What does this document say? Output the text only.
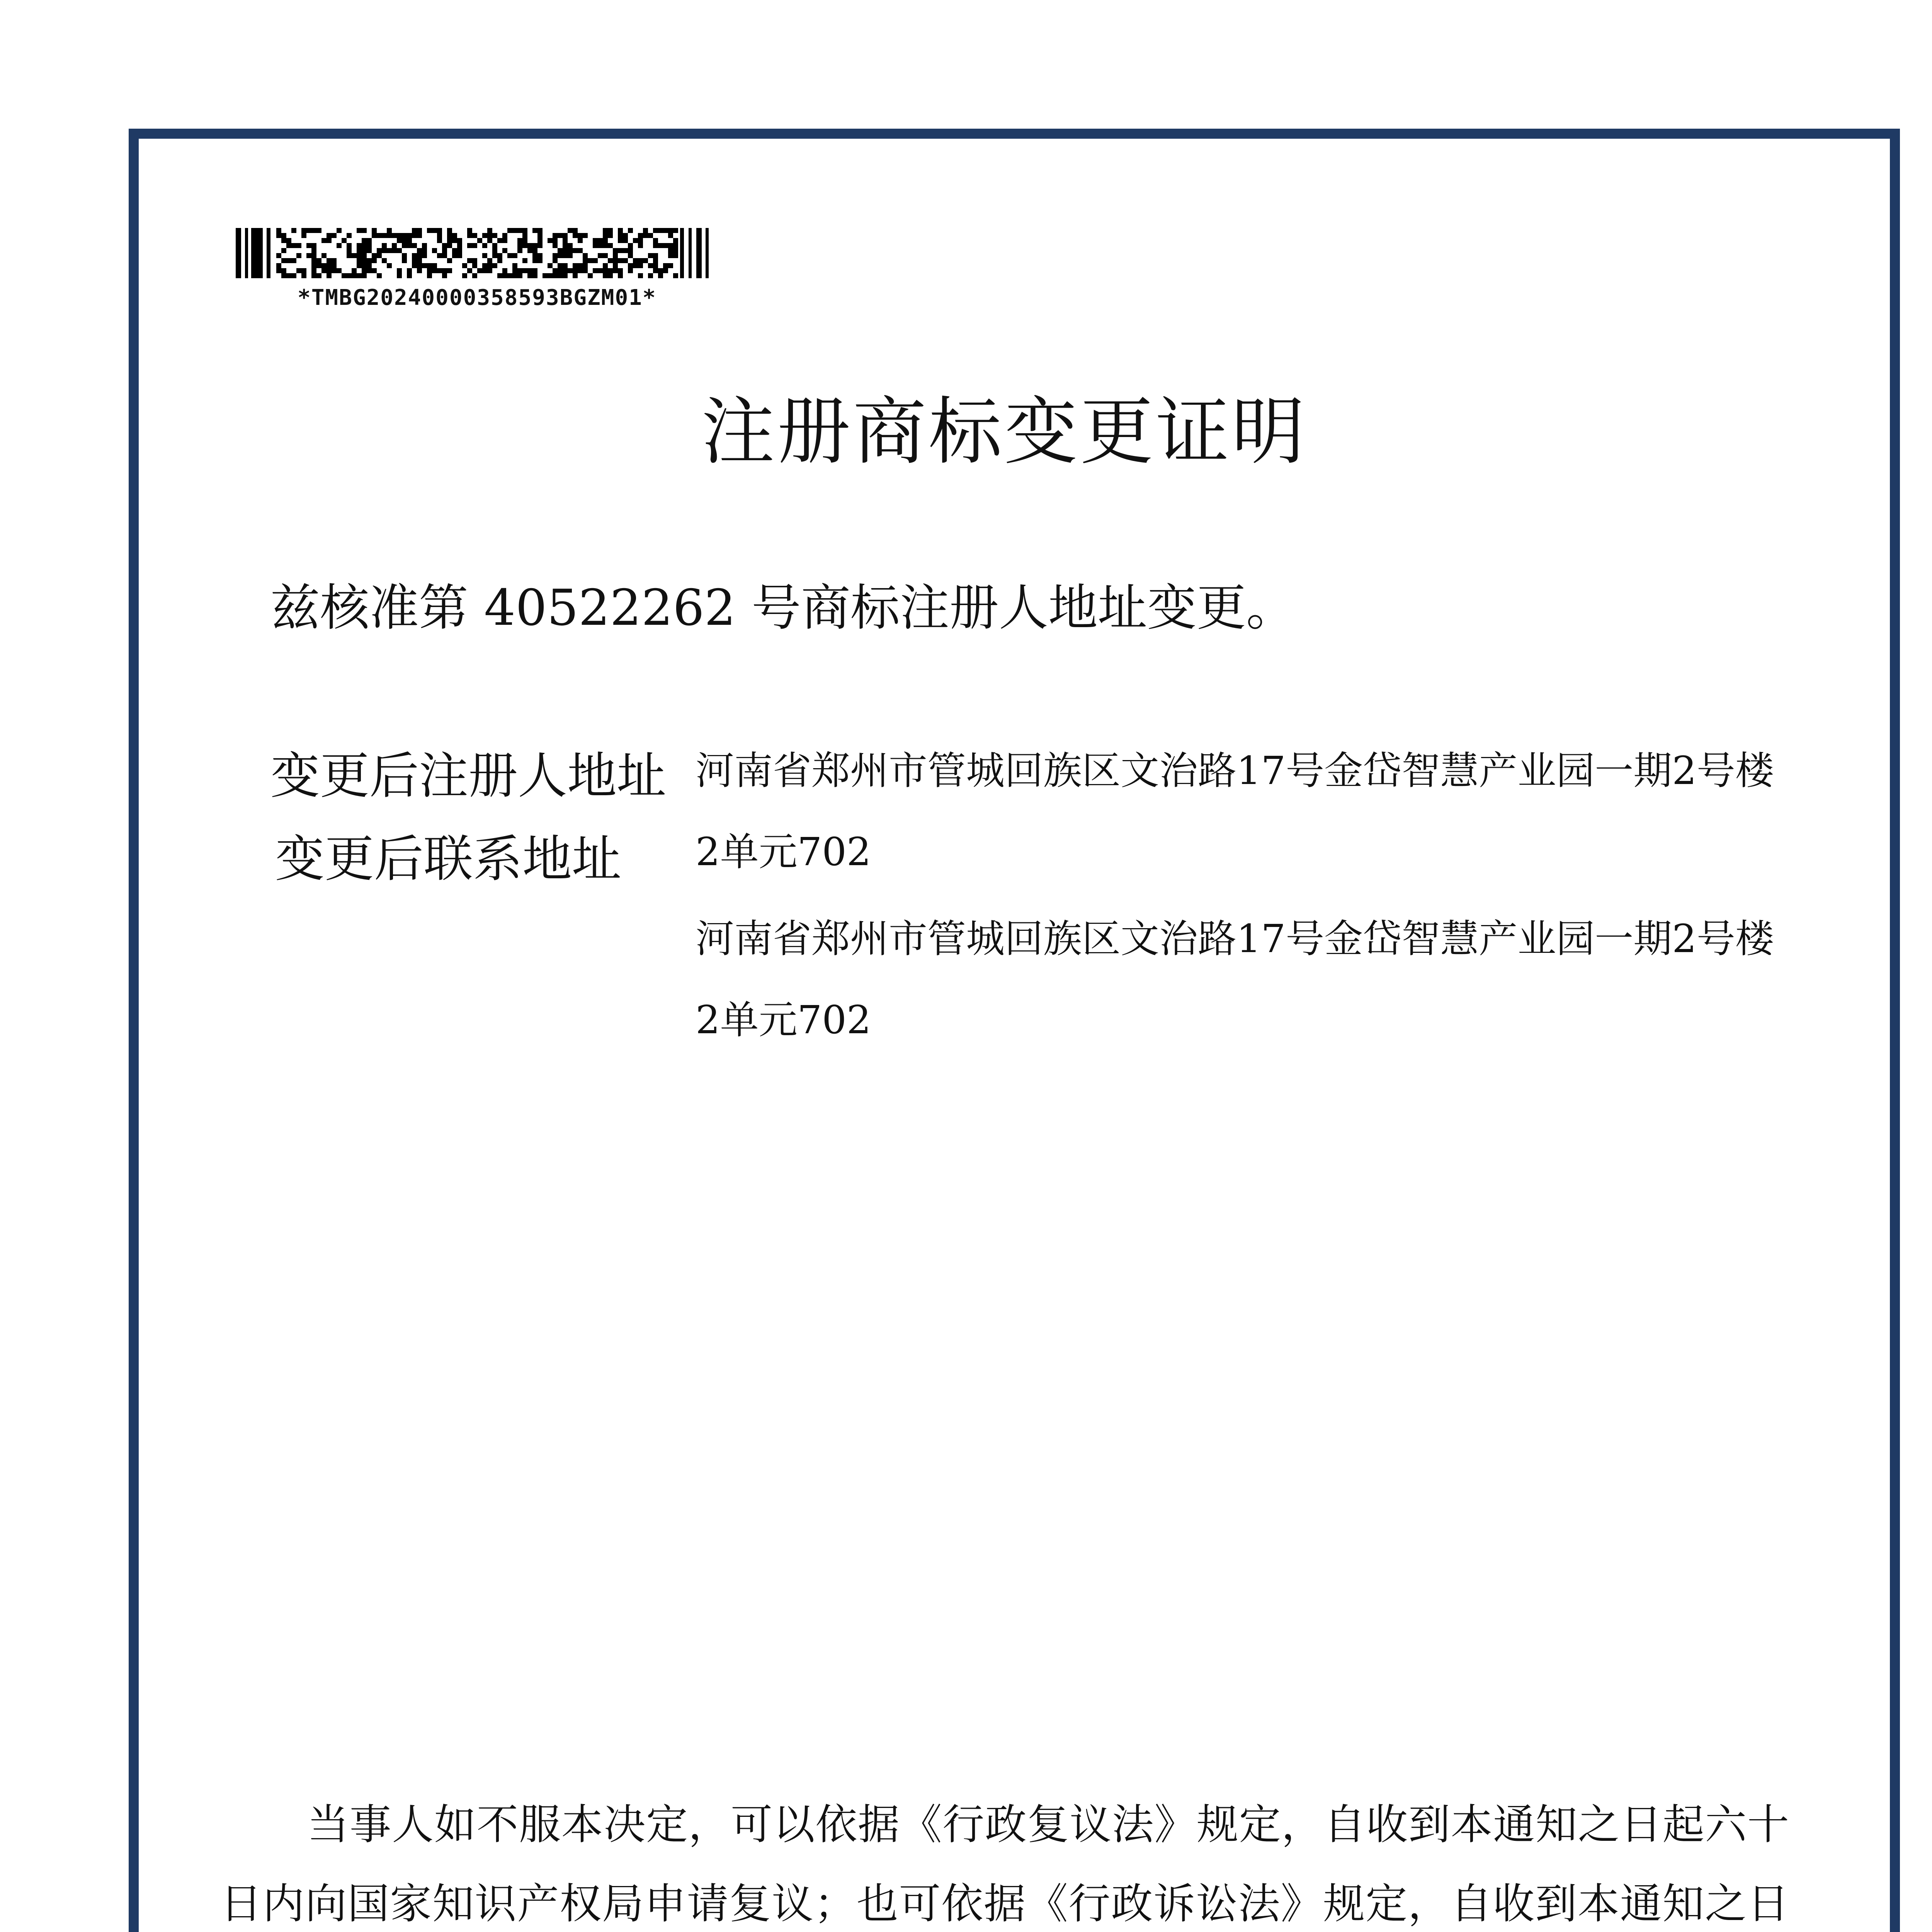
*TMBG20240000358593BGZM01*
注册商标变更证明
兹核准第 40522262 号商标注册人地址变更。
变更后注册人地址 河南省郑州市管城回族区文治路17号金岱智慧产业园一期2号楼2单元702
变更后联系地址
河南省郑州市管城回族区文治路17号金岱智慧产业园一期2号楼2单元702
当事人如不服本决定，可以依据《行政复议法》规定，自收到本通知之日起六十日内向国家知识产权局申请复议；也可依据《行政诉讼法》规定，自收到本通知之日
